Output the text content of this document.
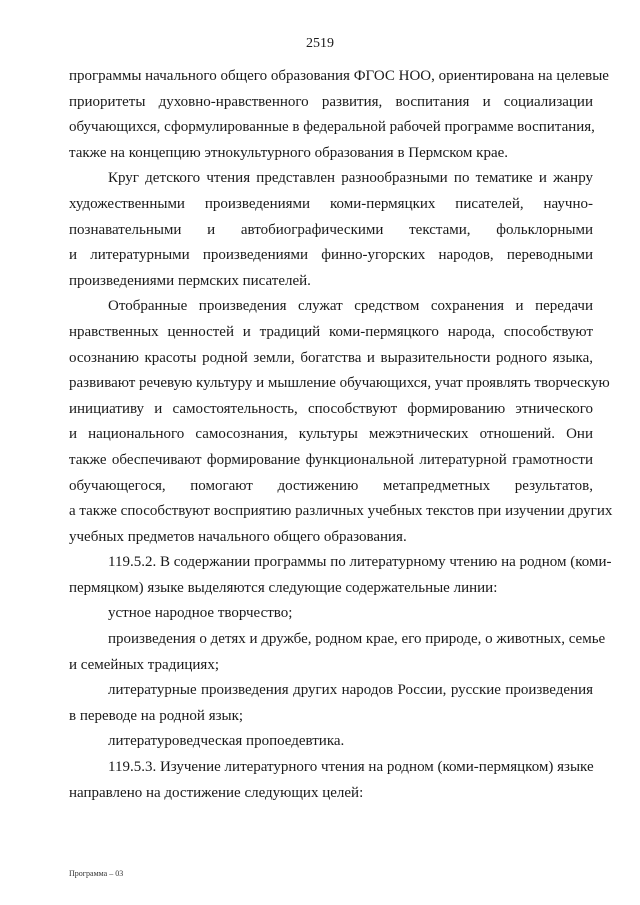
2519
программы начального общего образования ФГОС НОО, ориентирована на целевые
приоритеты духовно-нравственного развития, воспитания и социализации
обучающихся, сформулированные в федеральной рабочей программе воспитания,
также на концепцию этнокультурного образования в Пермском крае.
Круг детского чтения представлен разнообразными по тематике и жанру
художественными произведениями коми-пермяцких писателей, научно-
познавательными и автобиографическими текстами, фольклорными
и литературными произведениями финно-угорских народов, переводными
произведениями пермских писателей.
Отобранные произведения служат средством сохранения и передачи
нравственных ценностей и традиций коми-пермяцкого народа, способствуют
осознанию красоты родной земли, богатства и выразительности родного языка,
развивают речевую культуру и мышление обучающихся, учат проявлять творческую
инициативу и самостоятельность, способствуют формированию этнического
и национального самосознания, культуры межэтнических отношений. Они
также обеспечивают формирование функциональной литературной грамотности
обучающегося, помогают достижению метапредметных результатов,
а также способствуют восприятию различных учебных текстов при изучении других
учебных предметов начального общего образования.
119.5.2. В содержании программы по литературному чтению на родном (коми-
пермяцком) языке выделяются следующие содержательные линии:
устное народное творчество;
произведения о детях и дружбе, родном крае, его природе, о животных, семье
и семейных традициях;
литературные произведения других народов России, русские произведения
в переводе на родной язык;
литературоведческая пропоедевтика.
119.5.3. Изучение литературного чтения на родном (коми-пермяцком) языке
направлено на достижение следующих целей:
Программа – 03
